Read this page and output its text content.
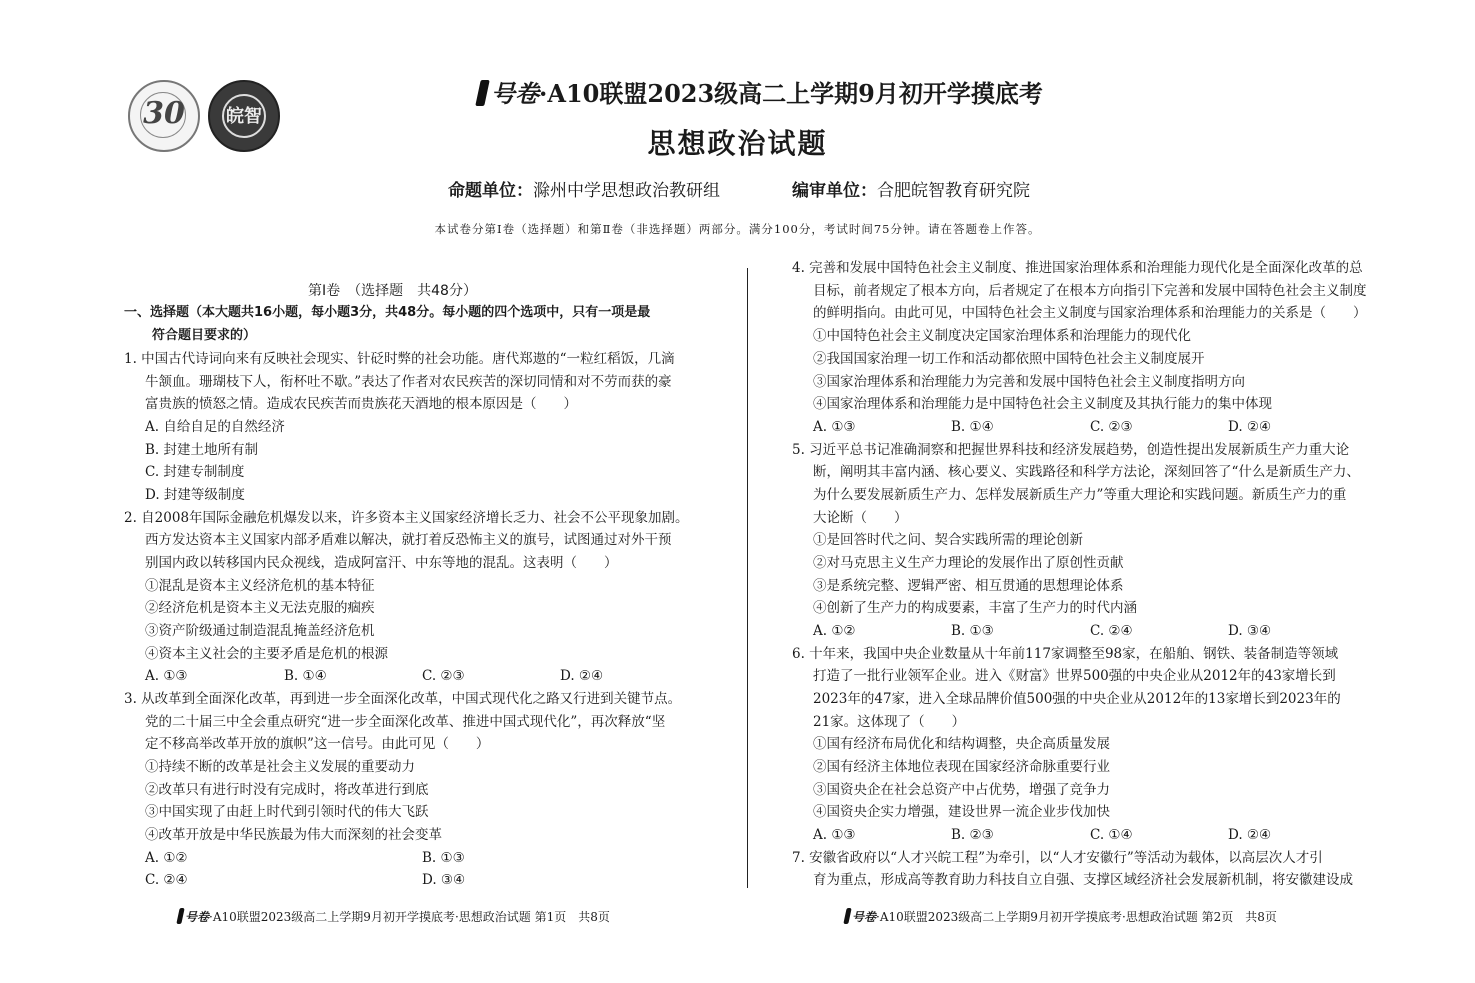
30	皖智
号卷·A10联盟2023级高二上学期9月初开学摸底考
思想政治试题
命题单位：滁州中学思想政治教研组	编审单位：合肥皖智教育研究院
本试卷分第Ⅰ卷（选择题）和第Ⅱ卷（非选择题）两部分。满分100分，考试时间75分钟。请在答题卷上作答。
第Ⅰ卷　（选择题　共48分）
一、选择题（本大题共16小题，每小题3分，共48分。每小题的四个选项中，只有一项是最
符合题目要求的）
1. 中国古代诗词向来有反映社会现实、针砭时弊的社会功能。唐代郑遨的“一粒红稻饭，几滴
牛颔血。珊瑚枝下人，衔杯吐不歇。”表达了作者对农民疾苦的深切同情和对不劳而获的豪
富贵族的愤怒之情。造成农民疾苦而贵族花天酒地的根本原因是（　　）
A. 自给自足的自然经济
B. 封建土地所有制
C. 封建专制制度
D. 封建等级制度
2. 自2008年国际金融危机爆发以来，许多资本主义国家经济增长乏力、社会不公平现象加剧。
西方发达资本主义国家内部矛盾难以解决，就打着反恐怖主义的旗号，试图通过对外干预
别国内政以转移国内民众视线，造成阿富汗、中东等地的混乱。这表明（　　）
①混乱是资本主义经济危机的基本特征
②经济危机是资本主义无法克服的痼疾
③资产阶级通过制造混乱掩盖经济危机
④资本主义社会的主要矛盾是危机的根源
A. ①③	B. ①④	C. ②③	D. ②④
3. 从改革到全面深化改革，再到进一步全面深化改革，中国式现代化之路又行进到关键节点。
党的二十届三中全会重点研究“进一步全面深化改革、推进中国式现代化”，再次释放“坚
定不移高举改革开放的旗帜”这一信号。由此可见（　　）
①持续不断的改革是社会主义发展的重要动力
②改革只有进行时没有完成时，将改革进行到底
③中国实现了由赶上时代到引领时代的伟大飞跃
④改革开放是中华民族最为伟大而深刻的社会变革
A. ①②	B. ①③
C. ②④	D. ③④
4. 完善和发展中国特色社会主义制度、推进国家治理体系和治理能力现代化是全面深化改革的总
目标，前者规定了根本方向，后者规定了在根本方向指引下完善和发展中国特色社会主义制度
的鲜明指向。由此可见，中国特色社会主义制度与国家治理体系和治理能力的关系是（　　）
①中国特色社会主义制度决定国家治理体系和治理能力的现代化
②我国国家治理一切工作和活动都依照中国特色社会主义制度展开
③国家治理体系和治理能力为完善和发展中国特色社会主义制度指明方向
④国家治理体系和治理能力是中国特色社会主义制度及其执行能力的集中体现
A. ①③	B. ①④	C. ②③	D. ②④
5. 习近平总书记准确洞察和把握世界科技和经济发展趋势，创造性提出发展新质生产力重大论
断，阐明其丰富内涵、核心要义、实践路径和科学方法论，深刻回答了“什么是新质生产力、
为什么要发展新质生产力、怎样发展新质生产力”等重大理论和实践问题。新质生产力的重
大论断（　　）
①是回答时代之问、契合实践所需的理论创新
②对马克思主义生产力理论的发展作出了原创性贡献
③是系统完整、逻辑严密、相互贯通的思想理论体系
④创新了生产力的构成要素，丰富了生产力的时代内涵
A. ①②	B. ①③	C. ②④	D. ③④
6. 十年来，我国中央企业数量从十年前117家调整至98家，在船舶、钢铁、装备制造等领域
打造了一批行业领军企业。进入《财富》世界500强的中央企业从2012年的43家增长到
2023年的47家，进入全球品牌价值500强的中央企业从2012年的13家增长到2023年的
21家。这体现了（　　）
①国有经济布局优化和结构调整，央企高质量发展
②国有经济主体地位表现在国家经济命脉重要行业
③国资央企在社会总资产中占优势，增强了竞争力
④国资央企实力增强，建设世界一流企业步伐加快
A. ①③	B. ②③	C. ①④	D. ②④
7. 安徽省政府以“人才兴皖工程”为牵引，以“人才安徽行”等活动为载体，以高层次人才引
育为重点，形成高等教育助力科技自立自强、支撑区域经济社会发展新机制，将安徽建设成
号卷·A10联盟2023级高二上学期9月初开学摸底考·思想政治试题 第1页　共8页	号卷·A10联盟2023级高二上学期9月初开学摸底考·思想政治试题 第2页　共8页
